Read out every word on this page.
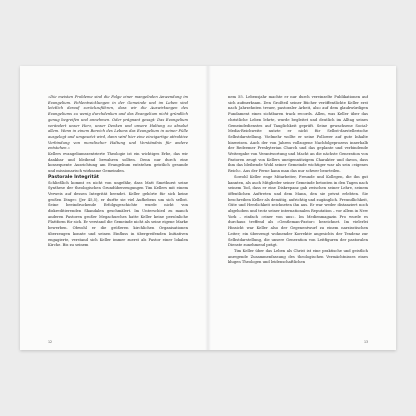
»Die meisten Probleme sind die Folge einer mangelnden Anwendung im Evangelium. Fehlentwicklungen in der Gemeinde und im Leben sind letztlich darauf zurückzuführen, dass wir die Auswirkungen des Evangeliums zu wenig durchdenken und das Evangelium nicht gründlich genug begreifen und annehmen. Oder prägnant gesagt: Das Evangelium verändert unser Herz, unser Denken und unsere Haltung zu absolut allem. Wenn in einem Bereich des Lebens das Evangelium in seiner Fülle ausgelegt und umgesetzt wird, dann wird hier eine einzigartige attraktive Verbindung von moralischer Haltung und Verständnis für andere entstehen.«

Kellers evangeliumszentrierte Theologie ist ein wichtiges Erbe, das wir dankbar und bleibend bewahren sollten. Denn nur durch eine konsequente Ausrichtung am Evangelium entstehen geistlich gesunde und missionarisch wirksame Gemeinden.

Pastorale Integrität

Schließlich kommt es nicht von ungefähr, dass Matt Smethurst seine Synthese der theologischen Grundüberzeugungen Tim Kellers mit einem Verweis auf dessen Integrität beendet. Keller gehörte für sich keine großen Dinge« (Jer 45,5), er durfte sie viel Aufhebens um sich selbst. Seine beeindruckende Erfolgsgeschichte wurde nicht von diskreditierenden Skandalen geschmälert. Im Unterschied zu manch anderen Pastoren großer Megachurches hatte Keller keine persönliche Plattform für sich. Er verstand die Gemeinde nicht als seine eigene Marke bewerben. Obwohl er die größeren kirchlichen Organisationen überzeugen konnte und seinen Einfluss in übergreifenden Initiativen engagierte, verstand sich Keller immer zuerst als Pastor einer lokalen Kirche. Bis zu seinem

12

nem 55. Lebensjahr machte er nur durch vereinzelte Publikationen auf sich aufmerksam. Den Großteil seiner Bücher veröffentlichte Keller erst nach Jahrzehnten treuer, pastoraler Arbeit, also auf dem glaubwürdigen Fundament eines sichtbaren track records. Allen, was Keller über das christliche Leben lehrte, wurde begleitet und deutlich im Alltag seines Gemeindedienstes auf Tauglichkeit geprüft. Seine gewachsene Social-Media-Reichweite nutzte er nicht für Selbst-darstellerische Selbstdarstellung. Vielmehr wollte er seine Follower auf gute Inhalte hinweisen. Auch der von Jahren vollzogene Nachfolgeprozess innerhalb der Redeemer Presbyterian Church und das geplante und verbindende Weitergabe von Verantwortung und Macht an die nächste Generation von Pastoren zeugt von Kellers uneigennützigem Charakter und davon, dass ihm das bleibende Wohl seiner Gemeinde wichtiger war als sein »eigenes Reich«. Aus der Ferne kann man das nur schwer beurteilen.

Sowohl Keller enge Mitarbeiter, Freunde und Kollegen, die ihn gut kannten, als auch Mitglieder seiner Gemeinde betonten in den Tagen nach seinem Tod, dass er eine Diskrepanz gab zwischen seiner Lehre, seinem öffentlichen Auftreten und dem Mann, den sie privat erlebten. Sie beschreiben Keller als demütig, aufrichtig und zugänglich. Freundlichkeit, Güte und Herzlichkeit zeichneten ihn aus. Er war weder distanziert noch abgehoben und trotz seiner internationalen Reputation – vor allem in New York – einfach »einer von uns«. Im Medienmagazin Pro wurde es durchaus treffend als »Gentleman-Pastor« bezeichnet. Im vielerlei Hinsicht war Keller also der Gegenentwurf zu einem narzisstischen Leiter; ein überzeugt wohnender Korrektiv angesichts der Tendenz zur Selbstdarstellung, die unsere Generation von Leitfiguren der pastoralen Dienste zunehmend prägt.

Tim Keller über das Leben als Christ ist eine praktische und geistlich anregende Zusammenfassung des theologischen Vermächtnisses eines klugen Theologen und leidenschaftlichen

13
